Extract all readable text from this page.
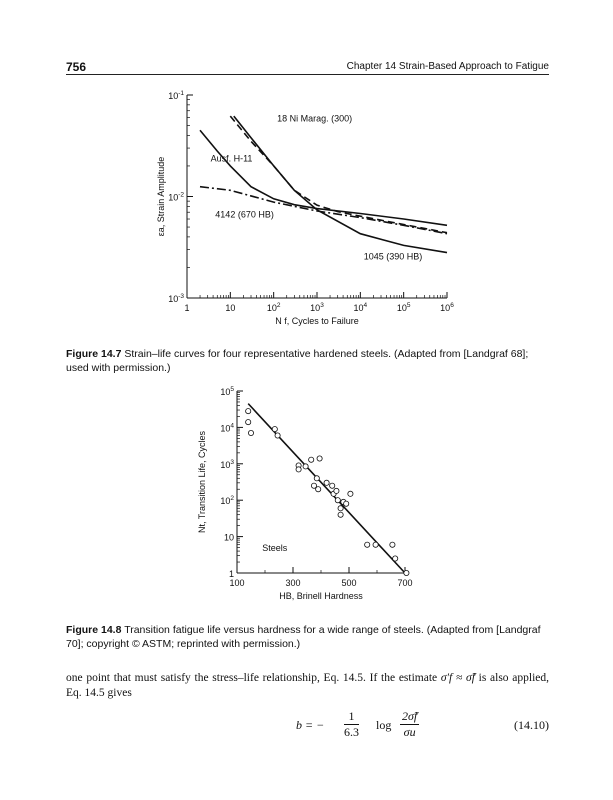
756	Chapter 14 Strain-Based Approach to Fatigue
$10^{-3}$
$10^{-2}$
$10^{-1}$
1	10	$10^2$	$10^3$	$10^4$	$10^5$	$10^6$
18 Ni Marag. (300)
Ausf. H-11
4142 (670 HB)
1045 (390 HB)
N f, Cycles to Failure
εa, Strain Amplitude
1
10
$10^2$
$10^3$
$10^4$
$10^5$
100	300	500	700
Steels
HB, Brinell Hardness
Nt, Transition Life, Cycles
Figure 14.7 Strain–life curves for four representative hardened steels. (Adapted from [Landgraf 68]; used with permission.)
Figure 14.8 Transition fatigue life versus hardness for a wide range of steels. (Adapted from [Landgraf 70]; copyright © ASTM; reprinted with permission.)
one point that must satisfy the stress–life relationship, Eq. 14.5. If the estimate σ′f ≈ σ̃f is also applied, Eq. 14.5 gives
b = − $\frac{1}{6.3}$ $\log \frac{2\sigmãf}{\sigma u}$	(14.10)
